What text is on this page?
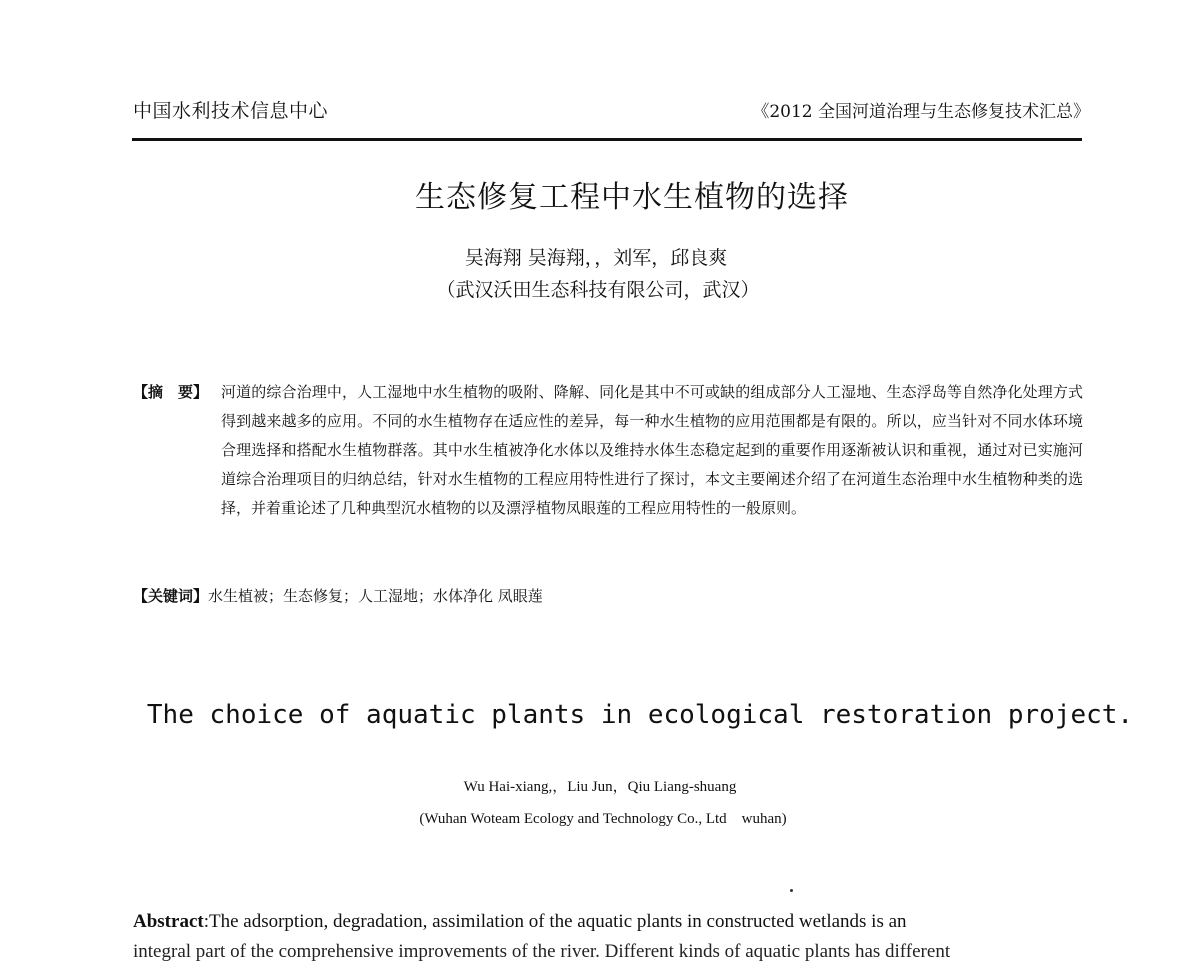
中国水利技术信息中心	《2012 全国河道治理与生态修复技术汇总》
生态修复工程中水生植物的选择
吴海翔 吴海翔，，刘军，邱良爽
（武汉沃田生态科技有限公司，武汉）
【摘　要】 河道的综合治理中，人工湿地中水生植物的吸附、降解、同化是其中不可或缺的组成部分人工湿地、生态浮岛等自然净化处理方式得到越来越多的应用。不同的水生植物存在适应性的差异，每一种水生植物的应用范围都是有限的。所以，应当针对不同水体环境合理选择和搭配水生植物群落。其中水生植被净化水体以及维持水体生态稳定起到的重要作用逐渐被认识和重视，通过对已实施河道综合治理项目的归纳总结，针对水生植物的工程应用特性进行了探讨，本文主要阐述介绍了在河道生态治理中水生植物种类的选择，并着重论述了几种典型沉水植物的以及漂浮植物凤眼莲的工程应用特性的一般原则。
【关键词】水生植被；生态修复；人工湿地；水体净化 凤眼莲
The choice of aquatic plants in ecological restoration project.
Wu Hai-xiang,，Liu Jun，Qiu Liang-shuang
(Wuhan Woteam Ecology and Technology Co., Ltd　wuhan)
Abstract:The adsorption, degradation, assimilation of the aquatic plants in constructed wetlands is an
integral part of the comprehensive improvements of the river. Different kinds of aquatic plants has different
